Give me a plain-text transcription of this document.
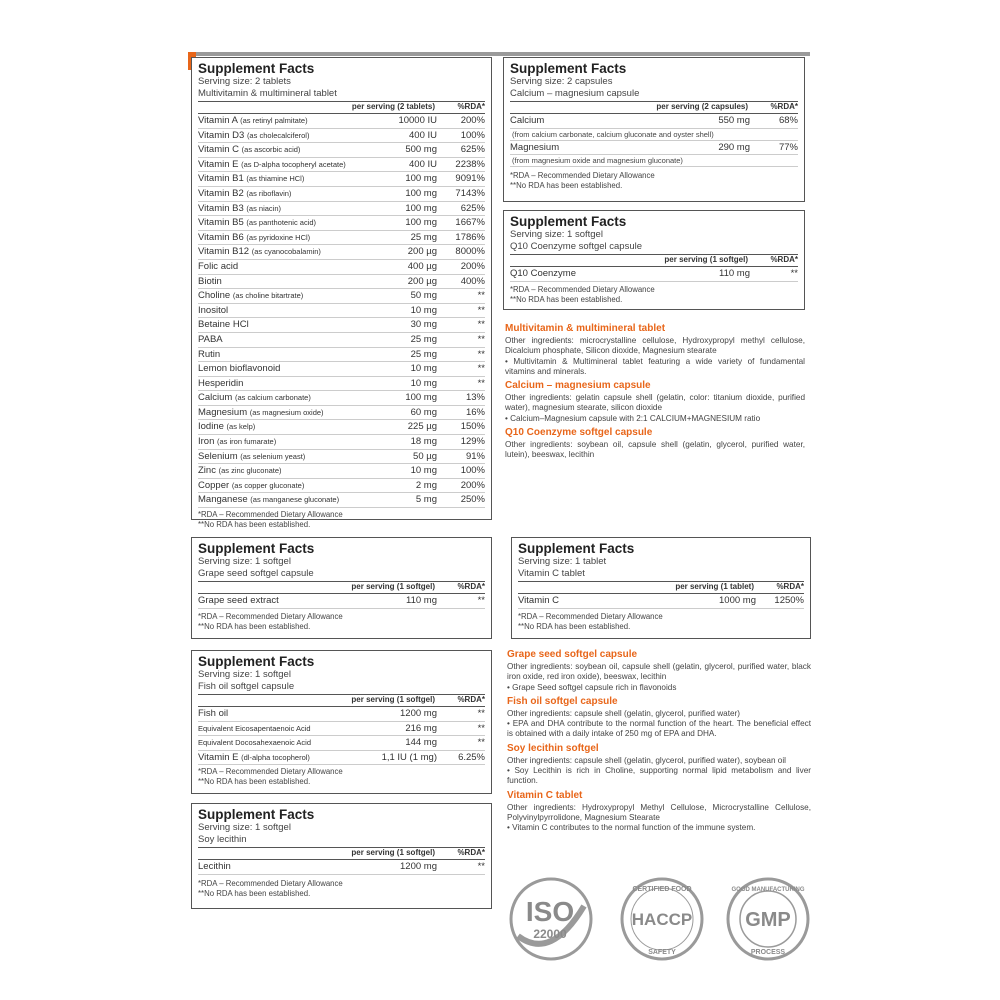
Supplement Facts
Serving size: 2 tablets
Multivitamin & multimineral tablet
per serving (2 tablets)	%RDA*
Vitamin A (as retinyl palmitate)	10000 IU	200%
Vitamin D3 (as cholecalciferol)	400 IU	100%
Vitamin C (as ascorbic acid)	500 mg	625%
Vitamin E (as D-alpha tocopheryl acetate)	400 IU	2238%
Vitamin B1 (as thiamine HCl)	100 mg	9091%
Vitamin B2 (as riboflavin)	100 mg	7143%
Vitamin B3 (as niacin)	100 mg	625%
Vitamin B5 (as panthotenic acid)	100 mg	1667%
Vitamin B6 (as pyridoxine HCl)	25 mg	1786%
Vitamin B12 (as cyanocobalamin)	200 µg	8000%
Folic acid	400 µg	200%
Biotin	200 µg	400%
Choline (as choline bitartrate)	50 mg	**
Inositol	10 mg	**
Betaine HCl	30 mg	**
PABA	25 mg	**
Rutin	25 mg	**
Lemon bioflavonoid	10 mg	**
Hesperidin	10 mg	**
Calcium (as calcium carbonate)	100 mg	13%
Magnesium (as magnesium oxide)	60 mg	16%
Iodine (as kelp)	225 µg	150%
Iron (as iron fumarate)	18 mg	129%
Selenium (as selenium yeast)	50 µg	91%
Zinc (as zinc gluconate)	10 mg	100%
Copper (as copper gluconate)	2 mg	200%
Manganese (as manganese gluconate)	5 mg	250%
*RDA – Recommended Dietary Allowance
**No RDA has been established.
Supplement Facts
Serving size: 2 capsules
Calcium – magnesium capsule
per serving (2 capsules)	%RDA*
Calcium	550 mg	68%
(from calcium carbonate, calcium gluconate and oyster shell)
Magnesium	290 mg	77%
(from magnesium oxide and magnesium gluconate)
*RDA – Recommended Dietary Allowance
**No RDA has been established.
Supplement Facts
Serving size: 1 softgel
Q10 Coenzyme softgel capsule
per serving (1 softgel)	%RDA*
Q10 Coenzyme	110 mg	**
*RDA – Recommended Dietary Allowance
**No RDA has been established.
Multivitamin & multimineral tablet

Other ingredients: microcrystalline cellulose, Hydroxypropyl methyl cellulose, Dicalcium phosphate, Silicon dioxide, Magnesium stearate

• Multivitamin & Multimineral tablet featuring a wide variety of fundamental vitamins and minerals.

Calcium – magnesium capsule

Other ingredients: gelatin capsule shell (gelatin, color: titanium dioxide, purified water), magnesium stearate, silicon dioxide

• Calcium–Magnesium capsule with 2:1 CALCIUM+MAGNESIUM ratio

Q10 Coenzyme softgel capsule

Other ingredients: soybean oil, capsule shell (gelatin, glycerol, purified water, lutein), beeswax, lecithin

Supplement Facts
Serving size: 1 softgel
Grape seed softgel capsule
per serving (1 softgel)	%RDA*
Grape seed extract	110 mg	**
*RDA – Recommended Dietary Allowance
**No RDA has been established.
Supplement Facts
Serving size: 1 softgel
Fish oil softgel capsule
per serving (1 softgel)	%RDA*
Fish oil	1200 mg	**
Equivalent Eicosapentaenoic Acid	216 mg	**
Equivalent Docosahexaenoic Acid	144 mg	**
Vitamin E (dl-alpha tocopherol)	1,1 IU (1 mg)	6.25%
*RDA – Recommended Dietary Allowance
**No RDA has been established.
Supplement Facts
Serving size: 1 softgel
Soy lecithin
per serving (1 softgel)	%RDA*
Lecithin	1200 mg	**
*RDA – Recommended Dietary Allowance
**No RDA has been established.
Supplement Facts
Serving size: 1 tablet
Vitamin C tablet
per serving (1 tablet)	%RDA*
Vitamin C	1000 mg	1250%
*RDA – Recommended Dietary Allowance
**No RDA has been established.
Grape seed softgel capsule

Other ingredients: soybean oil, capsule shell (gelatin, glycerol, purified water, black iron oxide, red iron oxide), beeswax, lecithin

• Grape Seed softgel capsule rich in flavonoids

Fish oil softgel capsule

Other ingredients: capsule shell (gelatin, glycerol, purified water)

• EPA and DHA contribute to the normal function of the heart. The beneficial effect is obtained with a daily intake of 250 mg of EPA and DHA.

Soy lecithin softgel

Other ingredients: capsule shell (gelatin, glycerol, purified water), soybean oil

• Soy Lecithin is rich in Choline, supporting normal lipid metabolism and liver function.

Vitamin C tablet

Other ingredients: Hydroxypropyl Methyl Cellulose, Microcrystalline Cellulose, Polyvinylpyrrolidone, Magnesium Stearate

• Vitamin C contributes to the normal function of the immune system.

ISO
22000
CERTIFIED FOOD
HACCP
SAFETY
GOOD MANUFACTURING
GMP
PROCESS
